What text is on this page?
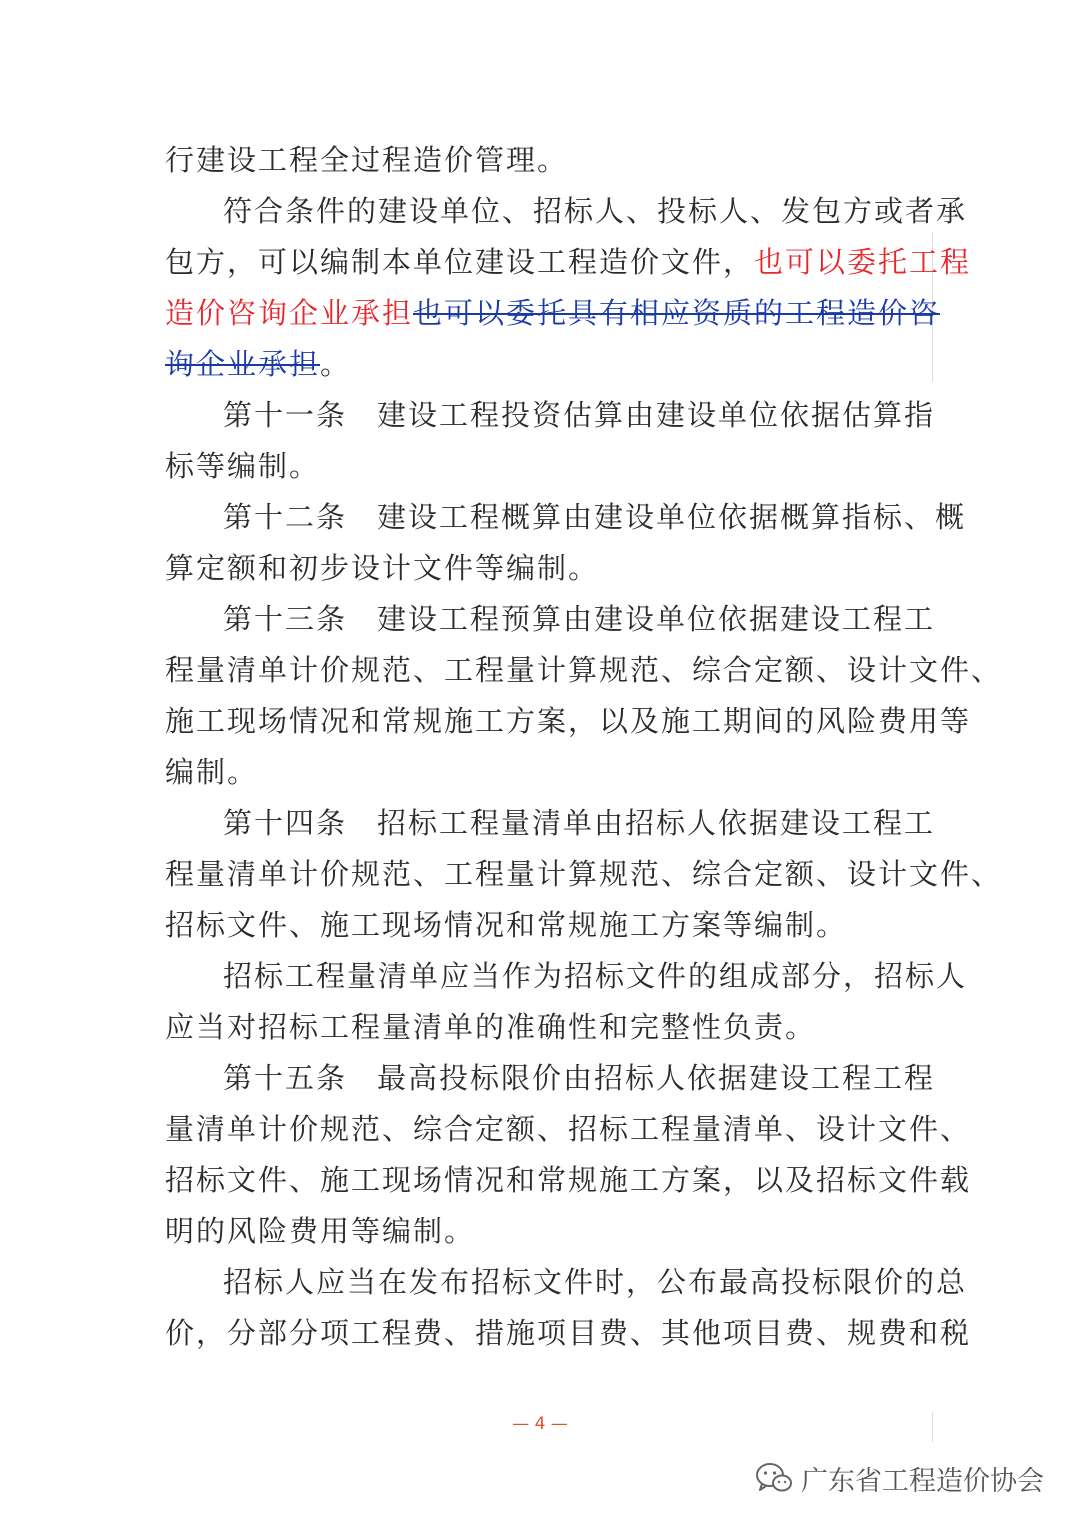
行建设工程全过程造价管理。
符合条件的建设单位、招标人、投标人、发包方或者承
包方，可以编制本单位建设工程造价文件，也可以委托工程
造价咨询企业承担也可以委托具有相应资质的工程造价咨
询企业承担。
第十一条 建设工程投资估算由建设单位依据估算指
标等编制。
第十二条 建设工程概算由建设单位依据概算指标、概
算定额和初步设计文件等编制。
第十三条 建设工程预算由建设单位依据建设工程工
程量清单计价规范、工程量计算规范、综合定额、设计文件、
施工现场情况和常规施工方案，以及施工期间的风险费用等
编制。
第十四条 招标工程量清单由招标人依据建设工程工
程量清单计价规范、工程量计算规范、综合定额、设计文件、
招标文件、施工现场情况和常规施工方案等编制。
招标工程量清单应当作为招标文件的组成部分，招标人
应当对招标工程量清单的准确性和完整性负责。
第十五条 最高投标限价由招标人依据建设工程工程
量清单计价规范、综合定额、招标工程量清单、设计文件、
招标文件、施工现场情况和常规施工方案，以及招标文件载
明的风险费用等编制。
招标人应当在发布招标文件时，公布最高投标限价的总
价，分部分项工程费、措施项目费、其他项目费、规费和税
— 4 —
广东省工程造价协会
